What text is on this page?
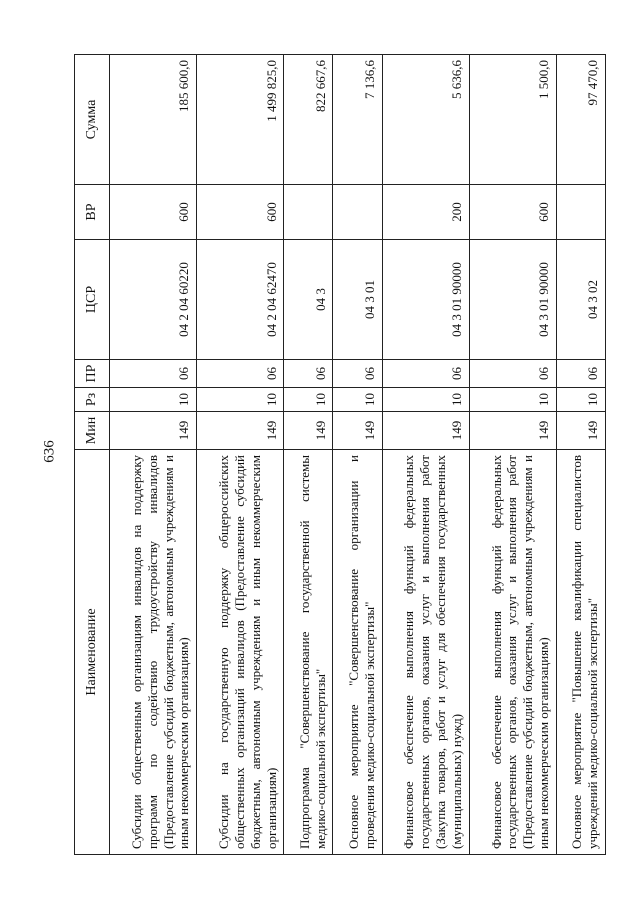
636
Наименование	Мин	Рз	ПР	ЦСР	ВР	Сумма
Субсидии общественным организациям инвалидов на поддержку программ по содействию трудоустройству инвалидов (Предоставление субсидий бюджетным, автономным учреждениям и иным некоммерческим организациям)	149	10	06	04 2 04 60220	600	185 600,0
Субсидии на государственную поддержку общероссийских общественных организаций инвалидов (Предоставление субсидий бюджетным, автономным учреждениям и иным некоммерческим организациям)	149	10	06	04 2 04 62470	600	1 499 825,0
Подпрограмма "Совершенствование государственной системы медико-социальной экспертизы"	149	10	06	04 3		822 667,6
Основное мероприятие "Совершенствование организации и проведения медико-социальной экспертизы"	149	10	06	04 3 01		7 136,6
Финансовое обеспечение выполнения функций федеральных государственных органов, оказания услуг и выполнения работ (Закупка товаров, работ и услуг для обеспечения государственных (муниципальных) нужд)	149	10	06	04 3 01 90000	200	5 636,6
Финансовое обеспечение выполнения функций федеральных государственных органов, оказания услуг и выполнения работ (Предоставление субсидий бюджетным, автономным учреждениям и иным некоммерческим организациям)	149	10	06	04 3 01 90000	600	1 500,0
Основное мероприятие "Повышение квалификации специалистов учреждений медико-социальной экспертизы"	149	10	06	04 3 02		97 470,0
